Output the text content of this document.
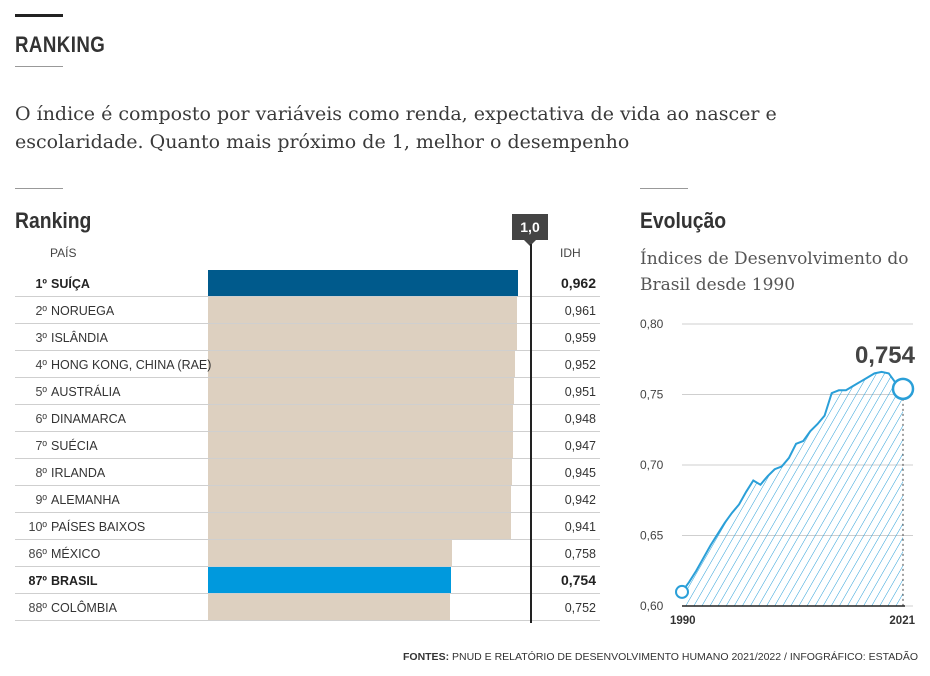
RANKING
O índice é composto por variáveis como renda, expectativa de vida ao nascer e escolaridade. Quanto mais próximo de 1, melhor o desempenho
Ranking	1,0
PAÍS	IDH
1º SUÍÇA	0,962
2º NORUEGA	0,961
3º ISLÂNDIA	0,959
4º HONG KONG, CHINA (RAE)	0,952
5º AUSTRÁLIA	0,951
6º DINAMARCA	0,948
7º SUÉCIA	0,947
8º IRLANDA	0,945
9º ALEMANHA	0,942
10º PAÍSES BAIXOS	0,941
86º MÉXICO	0,758
87º BRASIL	0,754
88º COLÔMBIA	0,752
Evolução
Índices de Desenvolvimento do Brasil desde 1990
0,60
0,65
0,70
0,75
0,80
0,754
1990	2021
FONTES: PNUD E RELATÓRIO DE DESENVOLVIMENTO HUMANO 2021/2022 / INFOGRÁFICO: ESTADÃO
